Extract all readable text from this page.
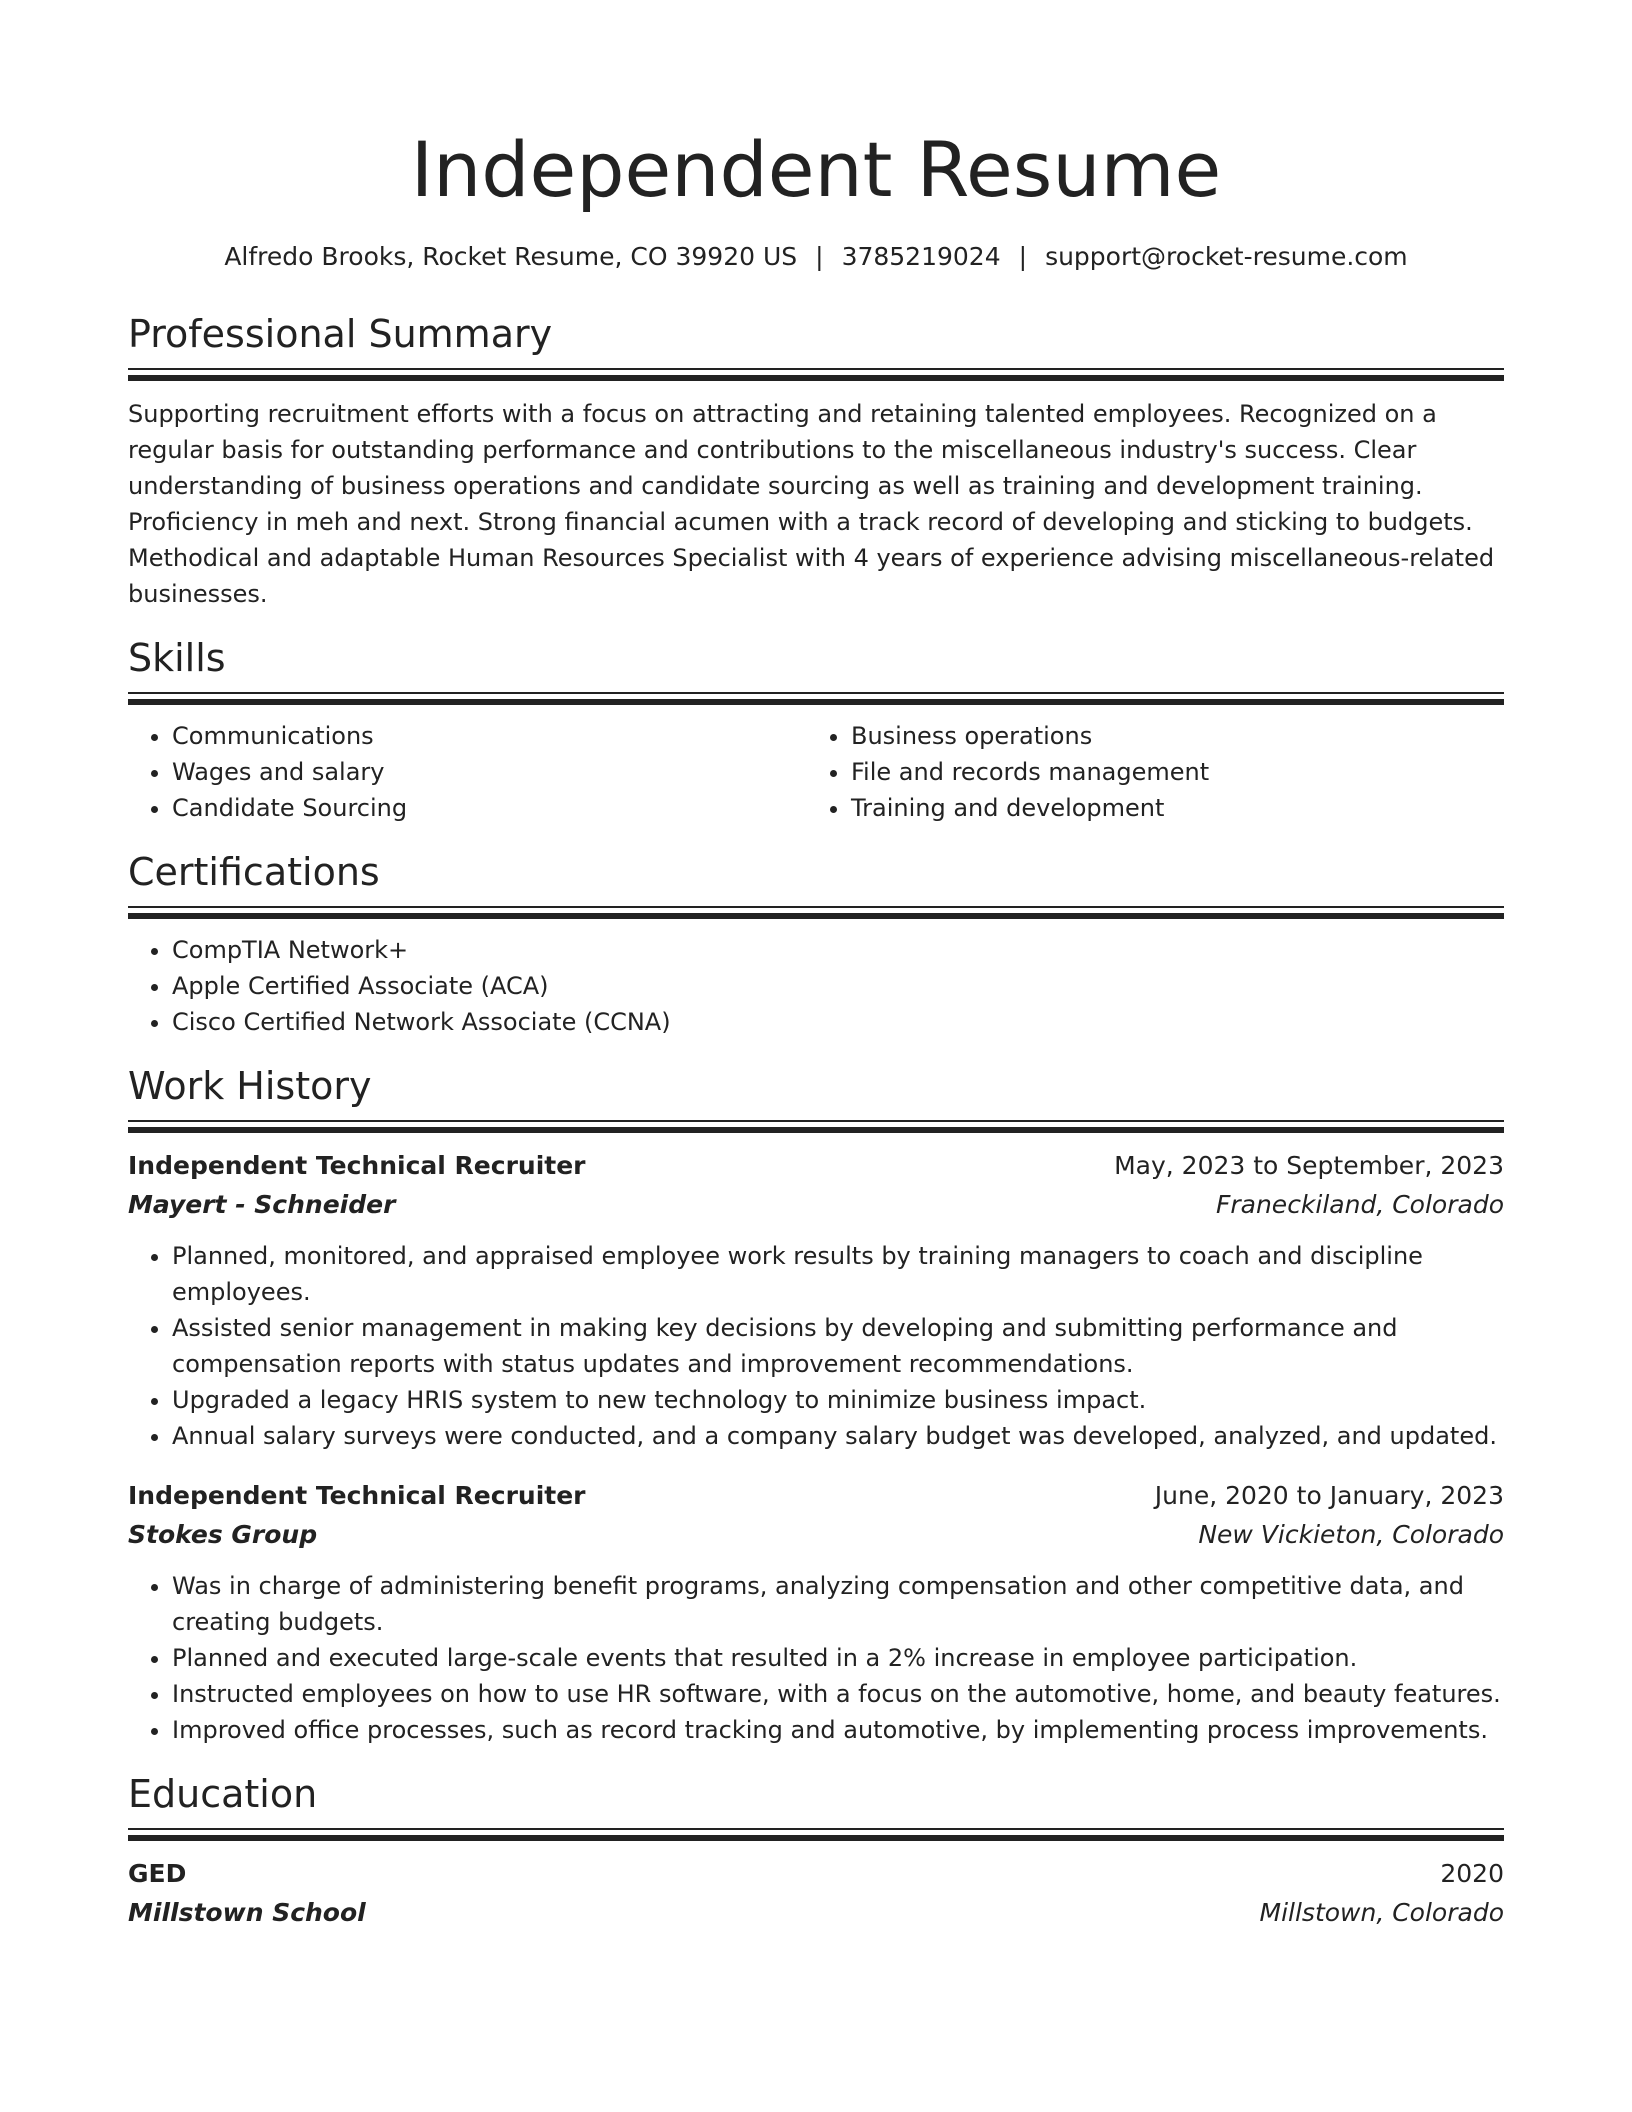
Independent Resume
Alfredo Brooks, Rocket Resume, CO 39920 US | 3785219024 | support@rocket-resume.com
Professional Summary

Supporting recruitment efforts with a focus on attracting and retaining talented employees. Recognized on a regular basis for outstanding performance and contributions to the miscellaneous industry's success. Clear understanding of business operations and candidate sourcing as well as training and development training. Proficiency in meh and next. Strong financial acumen with a track record of developing and sticking to budgets. Methodical and adaptable Human Resources Specialist with 4 years of experience advising miscellaneous-related businesses.

Skills
• Communications
• Wages and salary
• Candidate Sourcing
• Business operations
• File and records management
• Training and development
Certifications
• CompTIA Network+
• Apple Certified Associate (ACA)
• Cisco Certified Network Associate (CCNA)
Work History
Independent Technical Recruiter	May, 2023 to September, 2023
Mayert - Schneider	Franeckiland, Colorado
• Planned, monitored, and appraised employee work results by training managers to coach and discipline employees.
• Assisted senior management in making key decisions by developing and submitting performance and compensation reports with status updates and improvement recommendations.
• Upgraded a legacy HRIS system to new technology to minimize business impact.
• Annual salary surveys were conducted, and a company salary budget was developed, analyzed, and updated.
Independent Technical Recruiter	June, 2020 to January, 2023
Stokes Group	New Vickieton, Colorado
• Was in charge of administering benefit programs, analyzing compensation and other competitive data, and creating budgets.
• Planned and executed large-scale events that resulted in a 2% increase in employee participation.
• Instructed employees on how to use HR software, with a focus on the automotive, home, and beauty features.
• Improved office processes, such as record tracking and automotive, by implementing process improvements.
Education
GED	2020
Millstown School	Millstown, Colorado
